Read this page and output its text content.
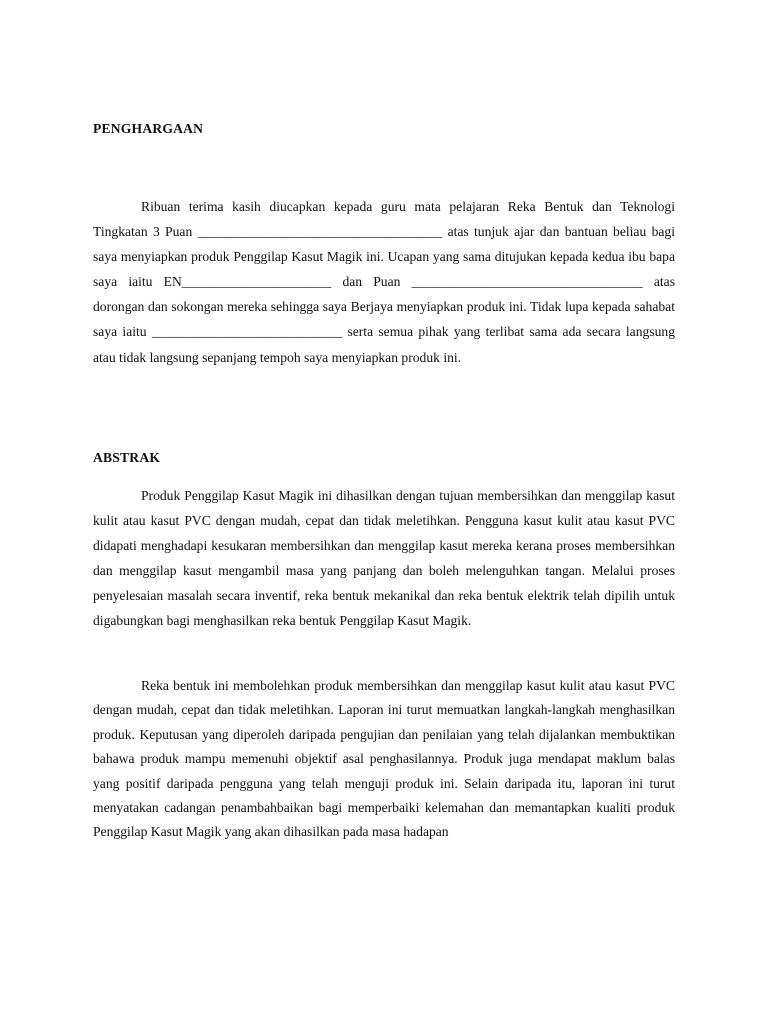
PENGHARGAAN

Ribuan terima kasih diucapkan kepada guru mata pelajaran Reka Bentuk dan Teknologi Tingkatan 3 Puan ____________________________________ atas tunjuk ajar dan bantuan beliau bagi saya menyiapkan produk Penggilap Kasut Magik ini. Ucapan yang sama ditujukan kepada kedua ibu bapa saya iaitu EN______________________ dan Puan __________________________________ atas dorongan dan sokongan mereka sehingga saya Berjaya menyiapkan produk ini. Tidak lupa kepada sahabat saya iaitu ____________________________ serta semua pihak yang terlibat sama ada secara langsung atau tidak langsung sepanjang tempoh saya menyiapkan produk ini.

ABSTRAK

Produk Penggilap Kasut Magik ini dihasilkan dengan tujuan membersihkan dan menggilap kasut kulit atau kasut PVC dengan mudah, cepat dan tidak meletihkan. Pengguna kasut kulit atau kasut PVC didapati menghadapi kesukaran membersihkan dan menggilap kasut mereka kerana proses membersihkan dan menggilap kasut mengambil masa yang panjang dan boleh melenguhkan tangan. Melalui proses penyelesaian masalah secara inventif, reka bentuk mekanikal dan reka bentuk elektrik telah dipilih untuk digabungkan bagi menghasilkan reka bentuk Penggilap Kasut Magik.

Reka bentuk ini membolehkan produk membersihkan dan menggilap kasut kulit atau kasut PVC dengan mudah, cepat dan tidak meletihkan. Laporan ini turut memuatkan langkah-langkah menghasilkan produk. Keputusan yang diperoleh daripada pengujian dan penilaian yang telah dijalankan membuktikan bahawa produk mampu memenuhi objektif asal penghasilannya. Produk juga mendapat maklum balas yang positif daripada pengguna yang telah menguji produk ini. Selain daripada itu, laporan ini turut menyatakan cadangan penambahbaikan bagi memperbaiki kelemahan dan memantapkan kualiti produk Penggilap Kasut Magik yang akan dihasilkan pada masa hadapan
